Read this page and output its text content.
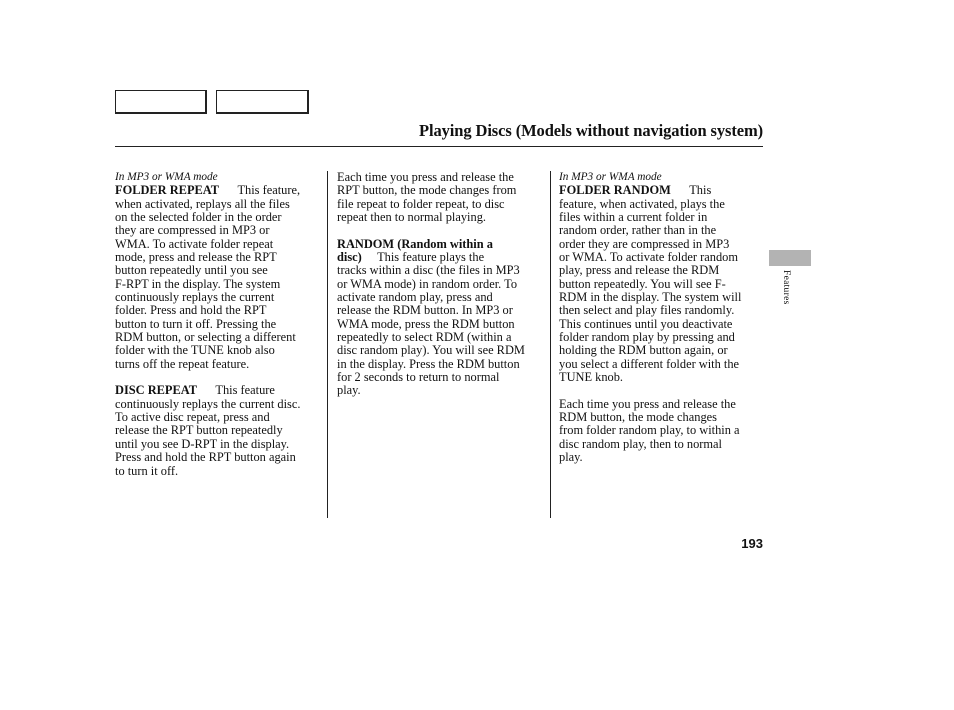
Playing Discs (Models without navigation system)
In MP3 or WMA mode
FOLDER REPEAT This feature,
when activated, replays all the files
on the selected folder in the order
they are compressed in MP3 or
WMA. To activate folder repeat
mode, press and release the RPT
button repeatedly until you see
F-RPT in the display. The system
continuously replays the current
folder. Press and hold the RPT
button to turn it off. Pressing the
RDM button, or selecting a different
folder with the TUNE knob also
turns off the repeat feature.
DISC REPEAT This feature
continuously replays the current disc.
To active disc repeat, press and
release the RPT button repeatedly
until you see D-RPT in the display.
Press and hold the RPT button again
to turn it off.
Each time you press and release the
RPT button, the mode changes from
file repeat to folder repeat, to disc
repeat then to normal playing.
RANDOM (Random within a
disc) This feature plays the
tracks within a disc (the files in MP3
or WMA mode) in random order. To
activate random play, press and
release the RDM button. In MP3 or
WMA mode, press the RDM button
repeatedly to select RDM (within a
disc random play). You will see RDM
in the display. Press the RDM button
for 2 seconds to return to normal
play.
In MP3 or WMA mode
FOLDER RANDOM This
feature, when activated, plays the
files within a current folder in
random order, rather than in the
order they are compressed in MP3
or WMA. To activate folder random
play, press and release the RDM
button repeatedly. You will see F-
RDM in the display. The system will
then select and play files randomly.
This continues until you deactivate
folder random play by pressing and
holding the RDM button again, or
you select a different folder with the
TUNE knob.
Each time you press and release the
RDM button, the mode changes
from folder random play, to within a
disc random play, then to normal
play.
Features
193
